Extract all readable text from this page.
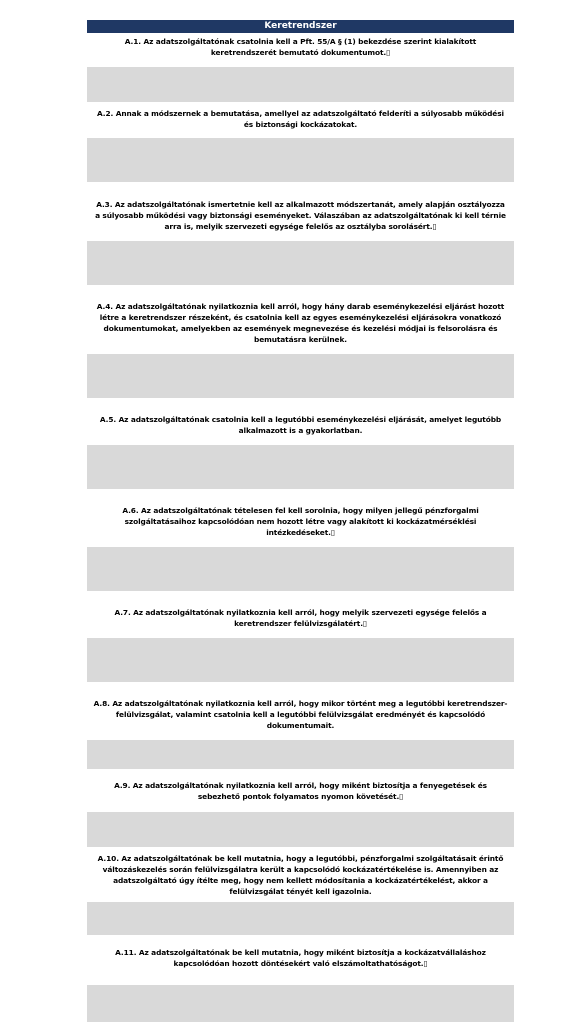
Keretrendszer
A.1. Az adatszolgáltatónak csatolnia kell a Pft. 55/A § (1) bekezdése szerint kialakított keretrendszerét bemutató dokumentumot.▯
A.2. Annak a módszernek a bemutatása, amellyel az adatszolgáltató felderíti a súlyosabb működési és biztonsági kockázatokat.
A.3. Az adatszolgáltatónak ismertetnie kell az alkalmazott módszertanát, amely alapján osztályozza a súlyosabb működési vagy biztonsági eseményeket. Válaszában az adatszolgáltatónak ki kell térnie arra is, melyik szervezeti egysége felelős az osztályba sorolásért.▯
A.4. Az adatszolgáltatónak nyilatkoznia kell arról, hogy hány darab eseménykezelési eljárást hozott létre a keretrendszer részeként, és csatolnia kell az egyes eseménykezelési eljárásokra vonatkozó dokumentumokat, amelyekben az események megnevezése és kezelési módjai is felsorolásra és bemutatásra kerülnek.
A.5. Az adatszolgáltatónak csatolnia kell a legutóbbi eseménykezelési eljárását, amelyet legutóbb alkalmazott is a gyakorlatban.
A.6. Az adatszolgáltatónak tételesen fel kell sorolnia, hogy milyen jellegű pénzforgalmi szolgáltatásaihoz kapcsolódóan nem hozott létre vagy alakított ki kockázatmérséklési intézkedéseket.▯
A.7. Az adatszolgáltatónak nyilatkoznia kell arról, hogy melyik szervezeti egysége felelős a keretrendszer felülvizsgálatért.▯
A.8. Az adatszolgáltatónak nyilatkoznia kell arról, hogy mikor történt meg a legutóbbi keretrendszer-felülvizsgálat, valamint csatolnia kell a legutóbbi felülvizsgálat eredményét és kapcsolódó dokumentumait.
A.9. Az adatszolgáltatónak nyilatkoznia kell arról, hogy miként biztosítja a fenyegetések és sebezhető pontok folyamatos nyomon követését.▯
A.10. Az adatszolgáltatónak be kell mutatnia, hogy a legutóbbi, pénzforgalmi szolgáltatásait érintő változáskezelés során felülvizsgálatra került a kapcsolódó kockázatértékelése is. Amennyiben az adatszolgáltató úgy ítélte meg, hogy nem kellett módosítania a kockázatértékelést, akkor a felülvizsgálat tényét kell igazolnia.
A.11. Az adatszolgáltatónak be kell mutatnia, hogy miként biztosítja a kockázatvállaláshoz kapcsolódóan hozott döntésekért való elszámoltathatóságot.▯
